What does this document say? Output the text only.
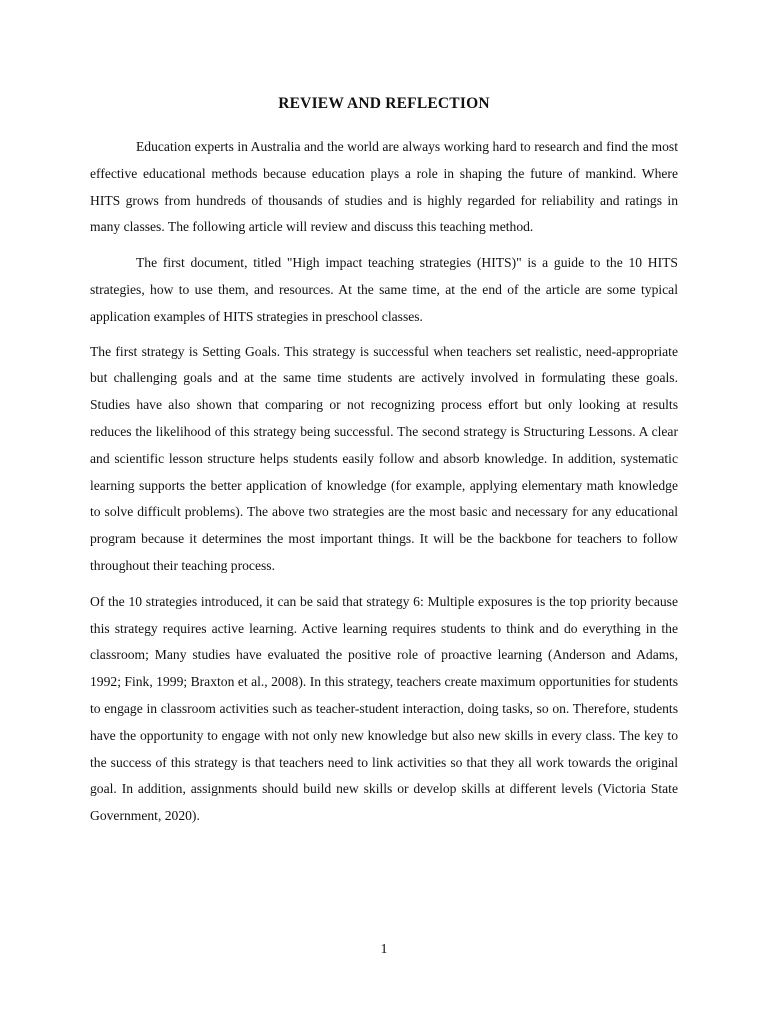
REVIEW AND REFLECTION

Education experts in Australia and the world are always working hard to research and find the most effective educational methods because education plays a role in shaping the future of mankind. Where HITS grows from hundreds of thousands of studies and is highly regarded for reliability and ratings in many classes. The following article will review and discuss this teaching method.

The first document, titled "High impact teaching strategies (HITS)" is a guide to the 10 HITS strategies, how to use them, and resources. At the same time, at the end of the article are some typical application examples of HITS strategies in preschool classes.

The first strategy is Setting Goals. This strategy is successful when teachers set realistic, need-appropriate but challenging goals and at the same time students are actively involved in formulating these goals. Studies have also shown that comparing or not recognizing process effort but only looking at results reduces the likelihood of this strategy being successful. The second strategy is Structuring Lessons. A clear and scientific lesson structure helps students easily follow and absorb knowledge. In addition, systematic learning supports the better application of knowledge (for example, applying elementary math knowledge to solve difficult problems). The above two strategies are the most basic and necessary for any educational program because it determines the most important things. It will be the backbone for teachers to follow throughout their teaching process.

Of the 10 strategies introduced, it can be said that strategy 6: Multiple exposures is the top priority because this strategy requires active learning. Active learning requires students to think and do everything in the classroom; Many studies have evaluated the positive role of proactive learning (Anderson and Adams, 1992; Fink, 1999; Braxton et al., 2008). In this strategy, teachers create maximum opportunities for students to engage in classroom activities such as teacher-student interaction, doing tasks, so on. Therefore, students have the opportunity to engage with not only new knowledge but also new skills in every class. The key to the success of this strategy is that teachers need to link activities so that they all work towards the original goal. In addition, assignments should build new skills or develop skills at different levels (Victoria State Government, 2020).

1
